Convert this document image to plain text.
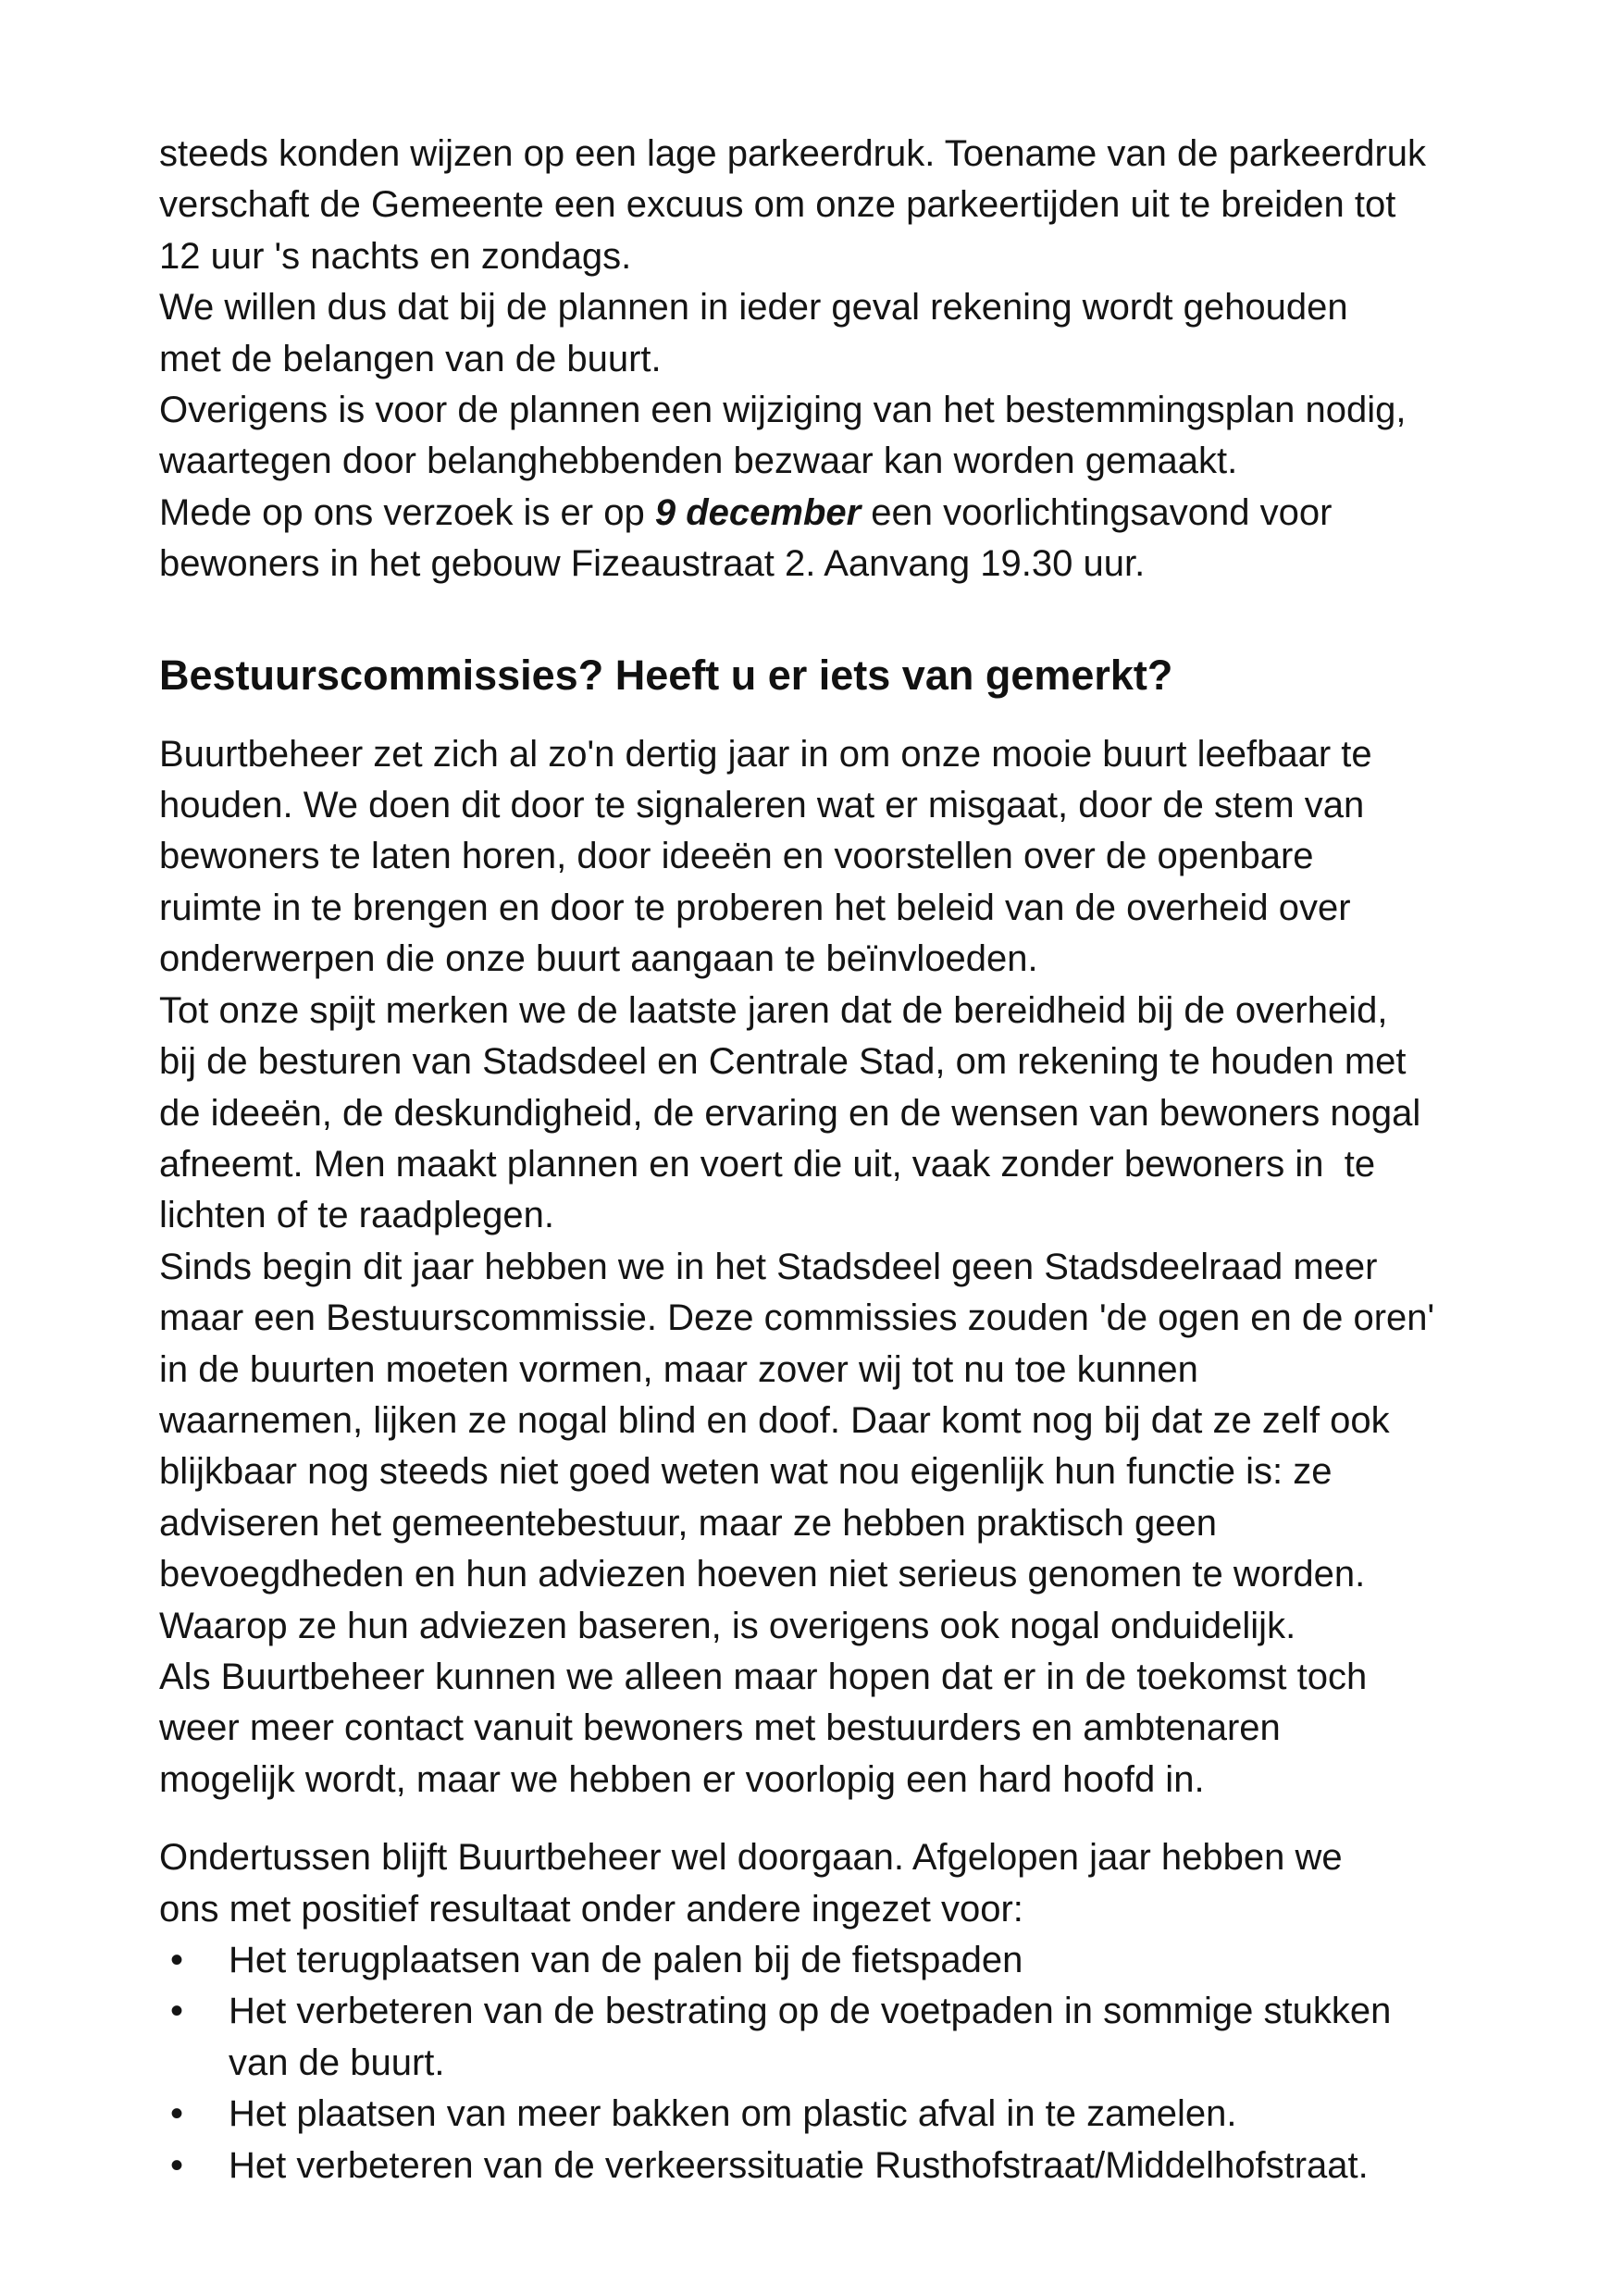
steeds konden wijzen op een lage parkeerdruk. Toename van de parkeerdruk
verschaft de Gemeente een excuus om onze parkeertijden uit te breiden tot
12 uur 's nachts en zondags.
We willen dus dat bij de plannen in ieder geval rekening wordt gehouden
met de belangen van de buurt.
Overigens is voor de plannen een wijziging van het bestemmingsplan nodig,
waartegen door belanghebbenden bezwaar kan worden gemaakt.
Mede op ons verzoek is er op 9 december een voorlichtingsavond voor
bewoners in het gebouw Fizeaustraat 2. Aanvang 19.30 uur.

Bestuurscommissies? Heeft u er iets van gemerkt?

Buurtbeheer zet zich al zo'n dertig jaar in om onze mooie buurt leefbaar te
houden. We doen dit door te signaleren wat er misgaat, door de stem van
bewoners te laten horen, door ideeën en voorstellen over de openbare
ruimte in te brengen en door te proberen het beleid van de overheid over
onderwerpen die onze buurt aangaan te beïnvloeden.
Tot onze spijt merken we de laatste jaren dat de bereidheid bij de overheid,
bij de besturen van Stadsdeel en Centrale Stad, om rekening te houden met
de ideeën, de deskundigheid, de ervaring en de wensen van bewoners nogal
afneemt. Men maakt plannen en voert die uit, vaak zonder bewoners in  te
lichten of te raadplegen.
Sinds begin dit jaar hebben we in het Stadsdeel geen Stadsdeelraad meer
maar een Bestuurscommissie. Deze commissies zouden 'de ogen en de oren'
in de buurten moeten vormen, maar zover wij tot nu toe kunnen
waarnemen, lijken ze nogal blind en doof. Daar komt nog bij dat ze zelf ook
blijkbaar nog steeds niet goed weten wat nou eigenlijk hun functie is: ze
adviseren het gemeentebestuur, maar ze hebben praktisch geen
bevoegdheden en hun adviezen hoeven niet serieus genomen te worden.
Waarop ze hun adviezen baseren, is overigens ook nogal onduidelijk.
Als Buurtbeheer kunnen we alleen maar hopen dat er in de toekomst toch
weer meer contact vanuit bewoners met bestuurders en ambtenaren
mogelijk wordt, maar we hebben er voorlopig een hard hoofd in.

Ondertussen blijft Buurtbeheer wel doorgaan. Afgelopen jaar hebben we
ons met positief resultaat onder andere ingezet voor:

• Het terugplaatsen van de palen bij de fietspaden
• Het verbeteren van de bestrating op de voetpaden in sommige stukken
van de buurt.
• Het plaatsen van meer bakken om plastic afval in te zamelen.
• Het verbeteren van de verkeerssituatie Rusthofstraat/Middelhofstraat.
